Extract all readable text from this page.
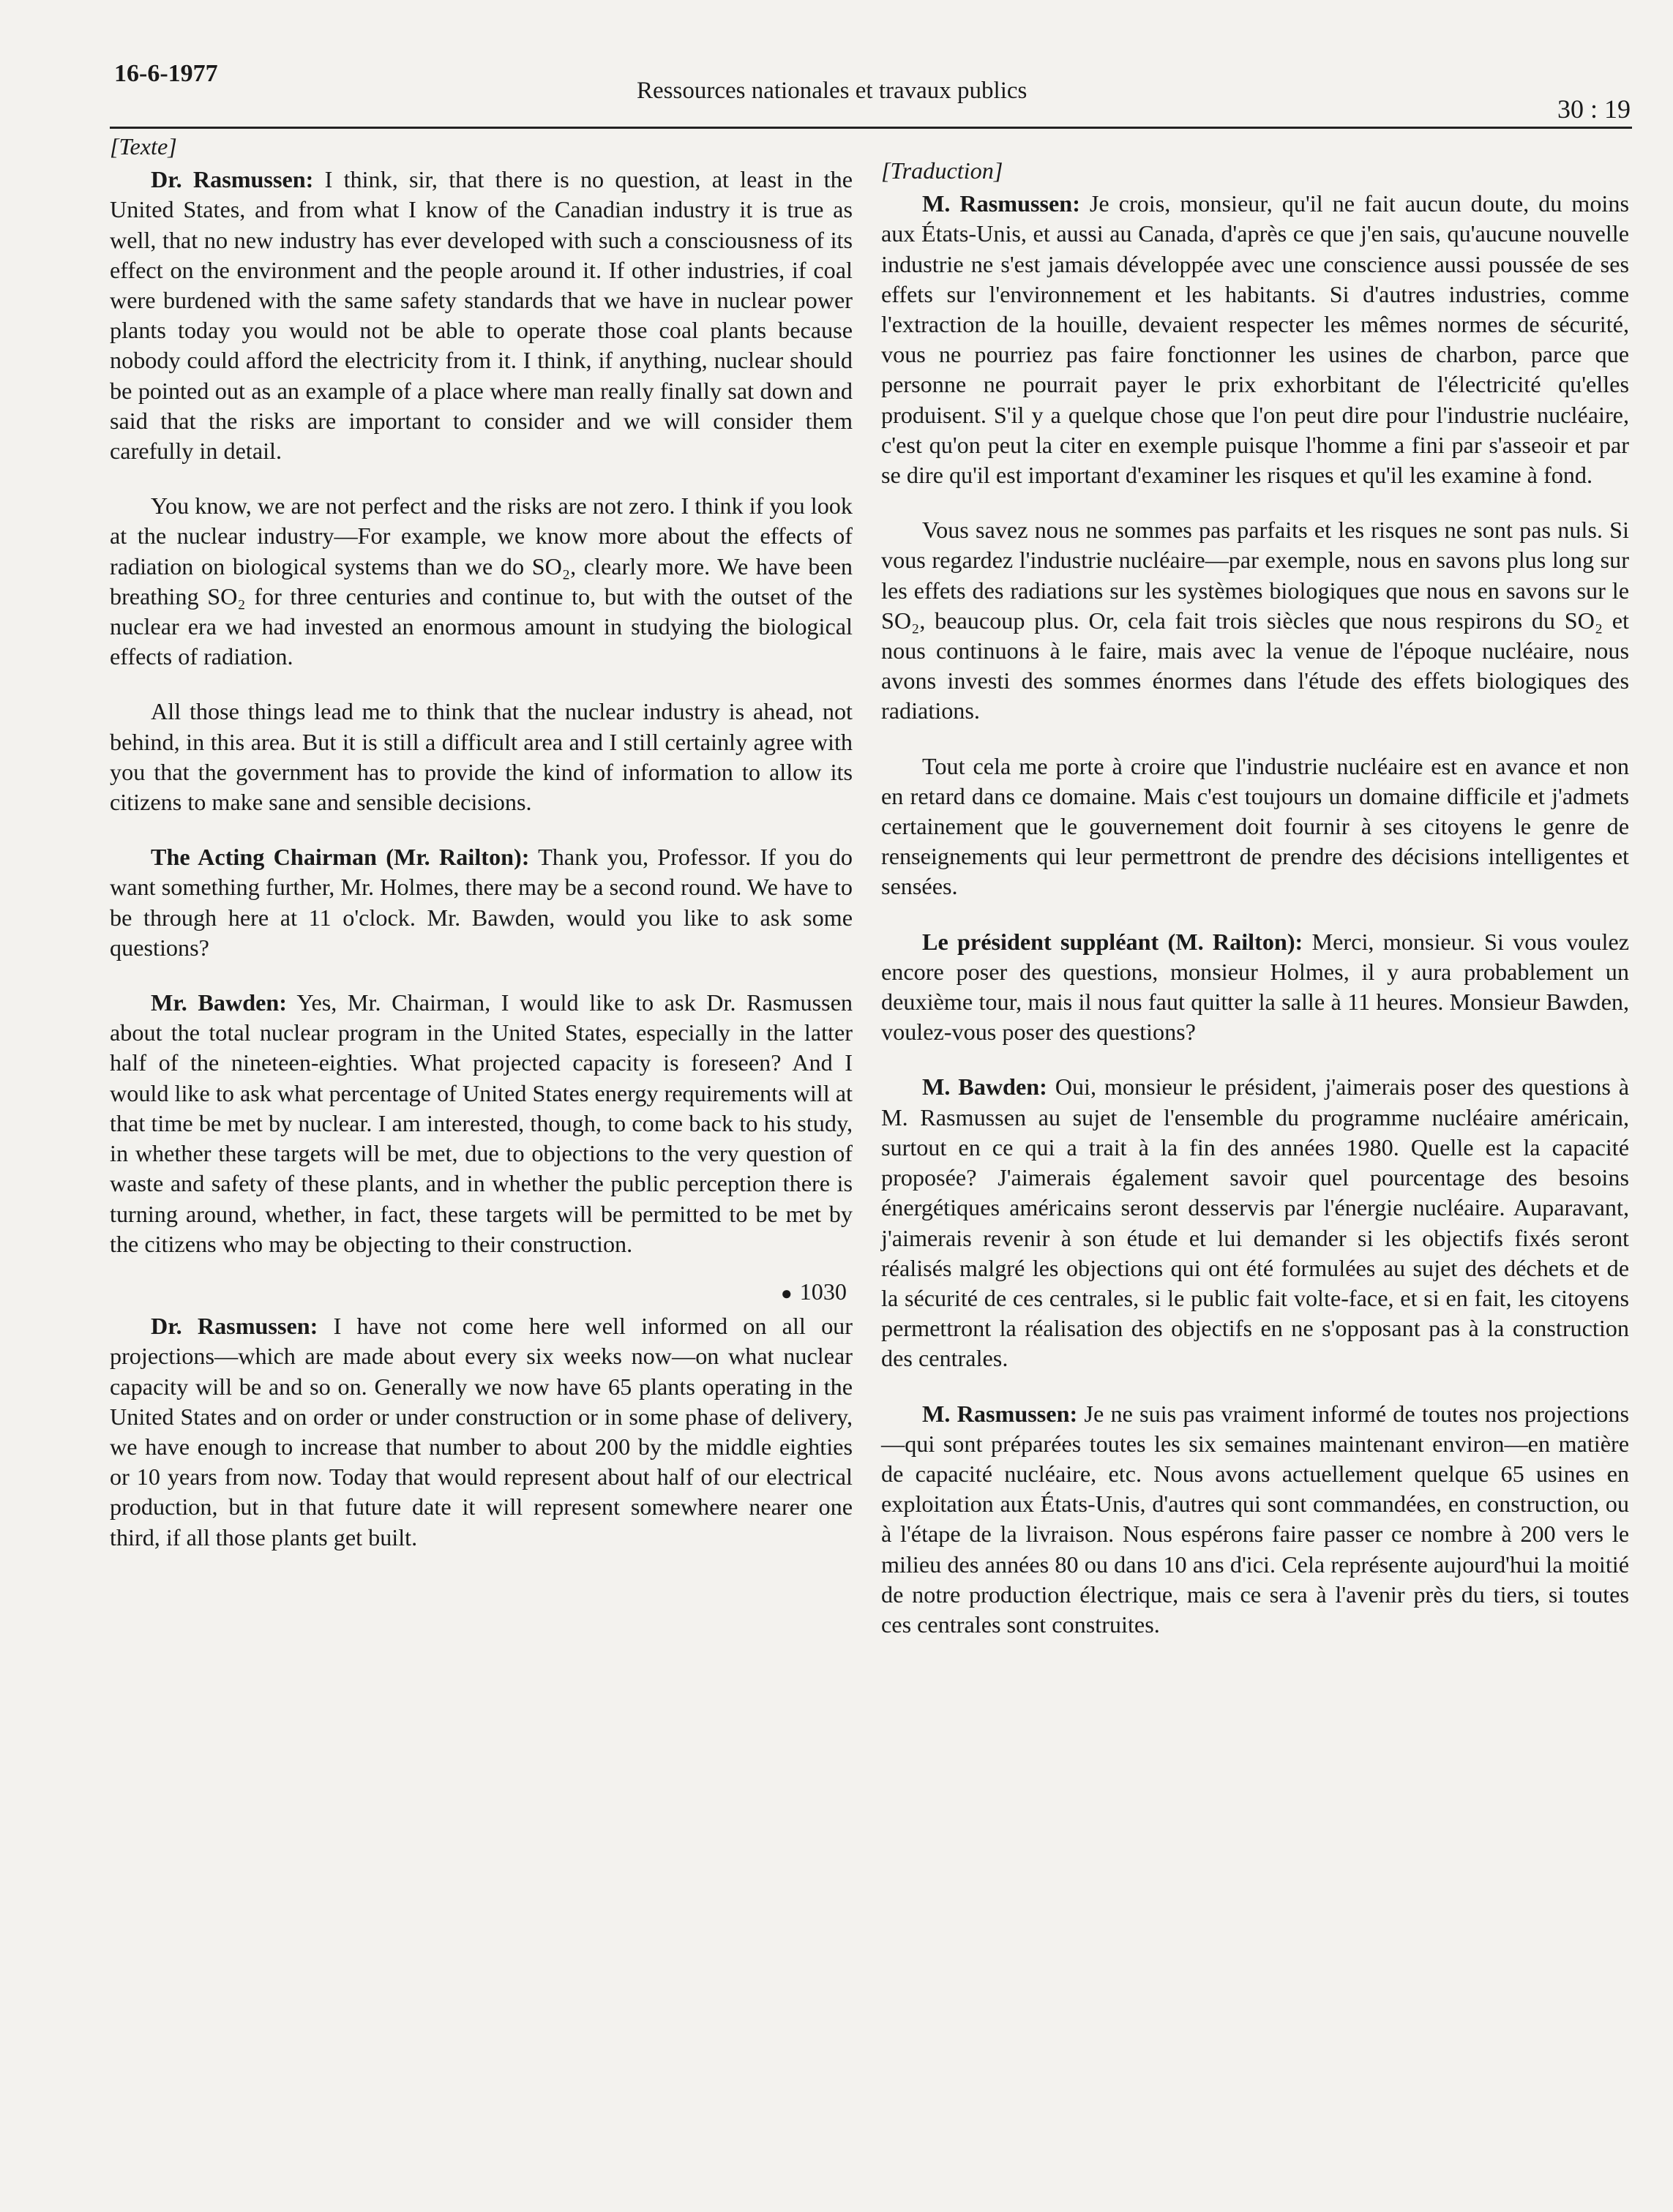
16-6-1977
Ressources nationales et travaux publics
30 : 19
[Texte]

Dr. Rasmussen: I think, sir, that there is no question, at least in the United States, and from what I know of the Canadian industry it is true as well, that no new industry has ever developed with such a consciousness of its effect on the environment and the people around it. If other industries, if coal were burdened with the same safety standards that we have in nuclear power plants today you would not be able to operate those coal plants because nobody could afford the electricity from it. I think, if anything, nuclear should be pointed out as an example of a place where man really finally sat down and said that the risks are important to consider and we will consider them carefully in detail.

You know, we are not perfect and the risks are not zero. I think if you look at the nuclear industry—For example, we know more about the effects of radiation on biological systems than we do SO₂, clearly more. We have been breathing SO₂ for three centuries and continue to, but with the outset of the nuclear era we had invested an enormous amount in studying the biological effects of radiation.

All those things lead me to think that the nuclear industry is ahead, not behind, in this area. But it is still a difficult area and I still certainly agree with you that the government has to provide the kind of information to allow its citizens to make sane and sensible decisions.

The Acting Chairman (Mr. Railton): Thank you, Professor. If you do want something further, Mr. Holmes, there may be a second round. We have to be through here at 11 o'clock. Mr. Bawden, would you like to ask some questions?

Mr. Bawden: Yes, Mr. Chairman, I would like to ask Dr. Rasmussen about the total nuclear program in the United States, especially in the latter half of the nineteen-eighties. What projected capacity is foreseen? And I would like to ask what percentage of United States energy requirements will at that time be met by nuclear. I am interested, though, to come back to his study, in whether these targets will be met, due to objections to the very question of waste and safety of these plants, and in whether the public perception there is turning around, whether, in fact, these targets will be permitted to be met by the citizens who may be objecting to their construction.

● 1030

Dr. Rasmussen: I have not come here well informed on all our projections—which are made about every six weeks now—on what nuclear capacity will be and so on. Generally we now have 65 plants operating in the United States and on order or under construction or in some phase of delivery, we have enough to increase that number to about 200 by the middle eighties or 10 years from now. Today that would represent about half of our electrical production, but in that future date it will represent somewhere nearer one third, if all those plants get built.

[Traduction]

M. Rasmussen: Je crois, monsieur, qu'il ne fait aucun doute, du moins aux États-Unis, et aussi au Canada, d'après ce que j'en sais, qu'aucune nouvelle industrie ne s'est jamais développée avec une conscience aussi poussée de ses effets sur l'environnement et les habitants. Si d'autres industries, comme l'extraction de la houille, devaient respecter les mêmes normes de sécurité, vous ne pourriez pas faire fonctionner les usines de charbon, parce que personne ne pourrait payer le prix exhorbitant de l'électricité qu'elles produisent. S'il y a quelque chose que l'on peut dire pour l'industrie nucléaire, c'est qu'on peut la citer en exemple puisque l'homme a fini par s'asseoir et par se dire qu'il est important d'examiner les risques et qu'il les examine à fond.

Vous savez nous ne sommes pas parfaits et les risques ne sont pas nuls. Si vous regardez l'industrie nucléaire—par exemple, nous en savons plus long sur les effets des radiations sur les systèmes biologiques que nous en savons sur le SO₂, beaucoup plus. Or, cela fait trois siècles que nous respirons du SO₂ et nous continuons à le faire, mais avec la venue de l'époque nucléaire, nous avons investi des sommes énormes dans l'étude des effets biologiques des radiations.

Tout cela me porte à croire que l'industrie nucléaire est en avance et non en retard dans ce domaine. Mais c'est toujours un domaine difficile et j'admets certainement que le gouvernement doit fournir à ses citoyens le genre de renseignements qui leur permettront de prendre des décisions intelligentes et sensées.

Le président suppléant (M. Railton): Merci, monsieur. Si vous voulez encore poser des questions, monsieur Holmes, il y aura probablement un deuxième tour, mais il nous faut quitter la salle à 11 heures. Monsieur Bawden, voulez-vous poser des questions?

M. Bawden: Oui, monsieur le président, j'aimerais poser des questions à M. Rasmussen au sujet de l'ensemble du programme nucléaire américain, surtout en ce qui a trait à la fin des années 1980. Quelle est la capacité proposée? J'aimerais également savoir quel pourcentage des besoins énergétiques américains seront desservis par l'énergie nucléaire. Auparavant, j'aimerais revenir à son étude et lui demander si les objectifs fixés seront réalisés malgré les objections qui ont été formulées au sujet des déchets et de la sécurité de ces centrales, si le public fait volte-face, et si en fait, les citoyens permettront la réalisation des objectifs en ne s'opposant pas à la construction des centrales.

M. Rasmussen: Je ne suis pas vraiment informé de toutes nos projections—qui sont préparées toutes les six semaines maintenant environ—en matière de capacité nucléaire, etc. Nous avons actuellement quelque 65 usines en exploitation aux États-Unis, d'autres qui sont commandées, en construction, ou à l'étape de la livraison. Nous espérons faire passer ce nombre à 200 vers le milieu des années 80 ou dans 10 ans d'ici. Cela représente aujourd'hui la moitié de notre production électrique, mais ce sera à l'avenir près du tiers, si toutes ces centrales sont construites.
